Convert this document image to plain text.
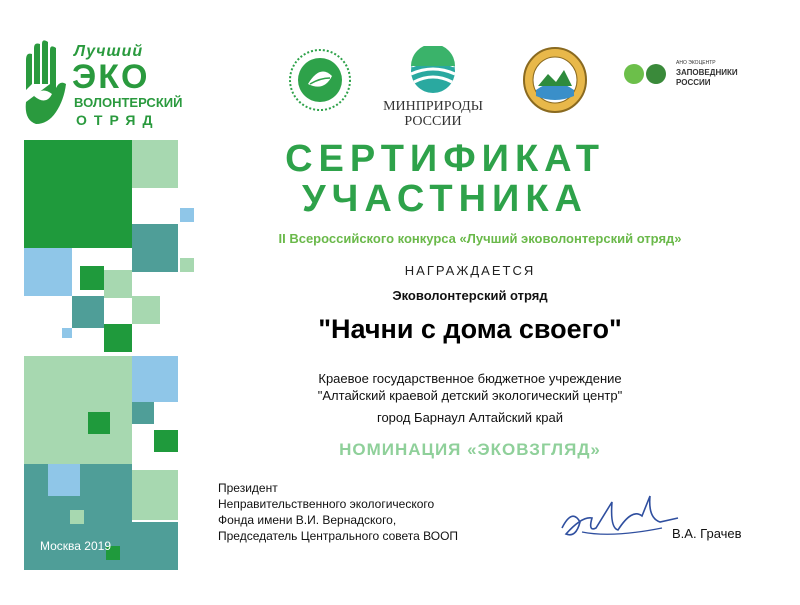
Лучший
ЭКО
ВОЛОНТЕРСКИЙ
ОТРЯД
МИНПРИРОДЫ
РОССИИ
АНО ЭКОЦЕНТР
ЗАПОВЕДНИКИ
РОССИИ
СЕРТИФИКАТ
УЧАСТНИКА
II Всероссийского конкурса «Лучший эковолонтерский отряд»
НАГРАЖДАЕТСЯ
Эковолонтерский отряд
"Начни с дома своего"
Краевое государственное бюджетное учреждение
"Алтайский краевой детский экологический центр"
город Барнаул Алтайский край
НОМИНАЦИЯ «ЭКОВЗГЛЯД»
Президент
Неправительственного экологического
Фонда имени В.И. Вернадского,
Председатель Центрального совета ВООП	В.А. Грачев
Москва 2019
